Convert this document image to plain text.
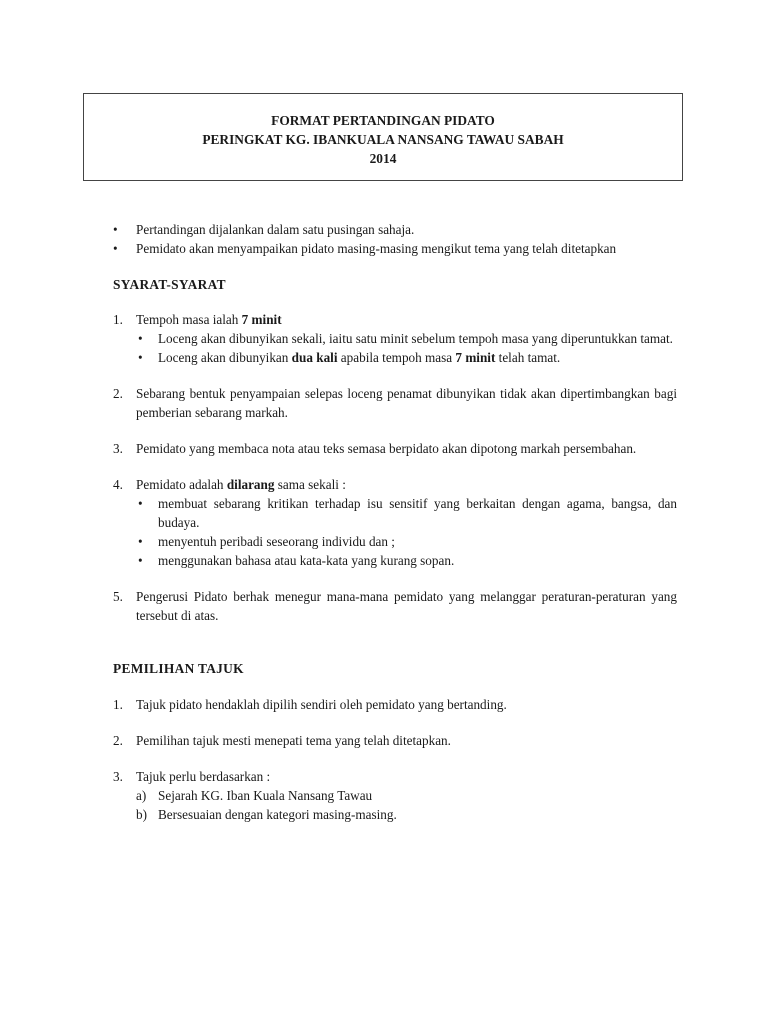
FORMAT PERTANDINGAN PIDATO
PERINGKAT KG. IBANKUALA NANSANG TAWAU SABAH
2014
• Pertandingan dijalankan dalam satu pusingan sahaja.
• Pemidato akan menyampaikan pidato masing-masing mengikut tema yang telah ditetapkan
SYARAT-SYARAT
1. Tempoh masa ialah 7 minit
• Loceng akan dibunyikan sekali, iaitu satu minit sebelum tempoh masa yang diperuntukkan tamat.
• Loceng akan dibunyikan dua kali apabila tempoh masa 7 minit telah tamat.
2. Sebarang bentuk penyampaian selepas loceng penamat dibunyikan tidak akan dipertimbangkan bagi pemberian sebarang markah.
3. Pemidato yang membaca nota atau teks semasa berpidato akan dipotong markah persembahan.
4. Pemidato adalah dilarang sama sekali :
• membuat sebarang kritikan terhadap isu sensitif yang berkaitan dengan agama, bangsa, dan budaya.
• menyentuh peribadi seseorang individu dan ;
• menggunakan bahasa atau kata-kata yang kurang sopan.
5. Pengerusi Pidato berhak menegur mana-mana pemidato yang melanggar peraturan-peraturan yang tersebut di atas.
PEMILIHAN TAJUK
1. Tajuk pidato hendaklah dipilih sendiri oleh pemidato yang bertanding.
2. Pemilihan tajuk mesti menepati tema yang telah ditetapkan.
3. Tajuk perlu berdasarkan :
a) Sejarah KG. Iban Kuala Nansang Tawau
b) Bersesuaian dengan kategori masing-masing.
